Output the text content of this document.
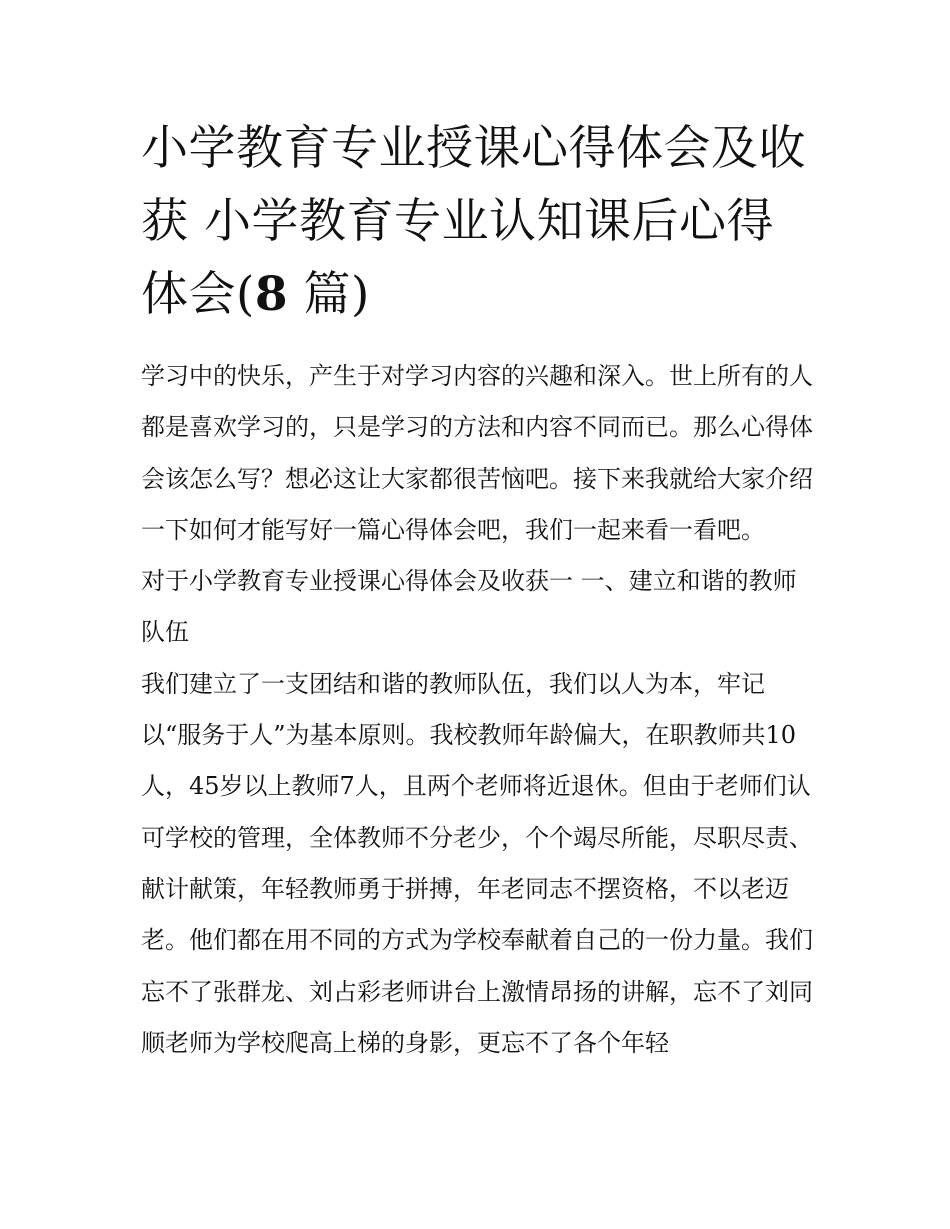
小学教育专业授课心得体会及收获 小学教育专业认知课后心得体会(8 篇)

学习中的快乐，产生于对学习内容的兴趣和深入。世上所有的人都是喜欢学习的，只是学习的方法和内容不同而已。那么心得体会该怎么写？想必这让大家都很苦恼吧。接下来我就给大家介绍一下如何才能写好一篇心得体会吧，我们一起来看一看吧。

对于小学教育专业授课心得体会及收获一 一、建立和谐的教师队伍

我们建立了一支团结和谐的教师队伍，我们以人为本，牢记以“服务于人”为基本原则。我校教师年龄偏大，在职教师共10人，45岁以上教师7人，且两个老师将近退休。但由于老师们认可学校的管理，全体教师不分老少，个个竭尽所能，尽职尽责、献计献策，年轻教师勇于拼搏，年老同志不摆资格，不以老迈老。他们都在用不同的方式为学校奉献着自己的一份力量。我们忘不了张群龙、刘占彩老师讲台上激情昂扬的讲解，忘不了刘同顺老师为学校爬高上梯的身影，更忘不了各个年轻
